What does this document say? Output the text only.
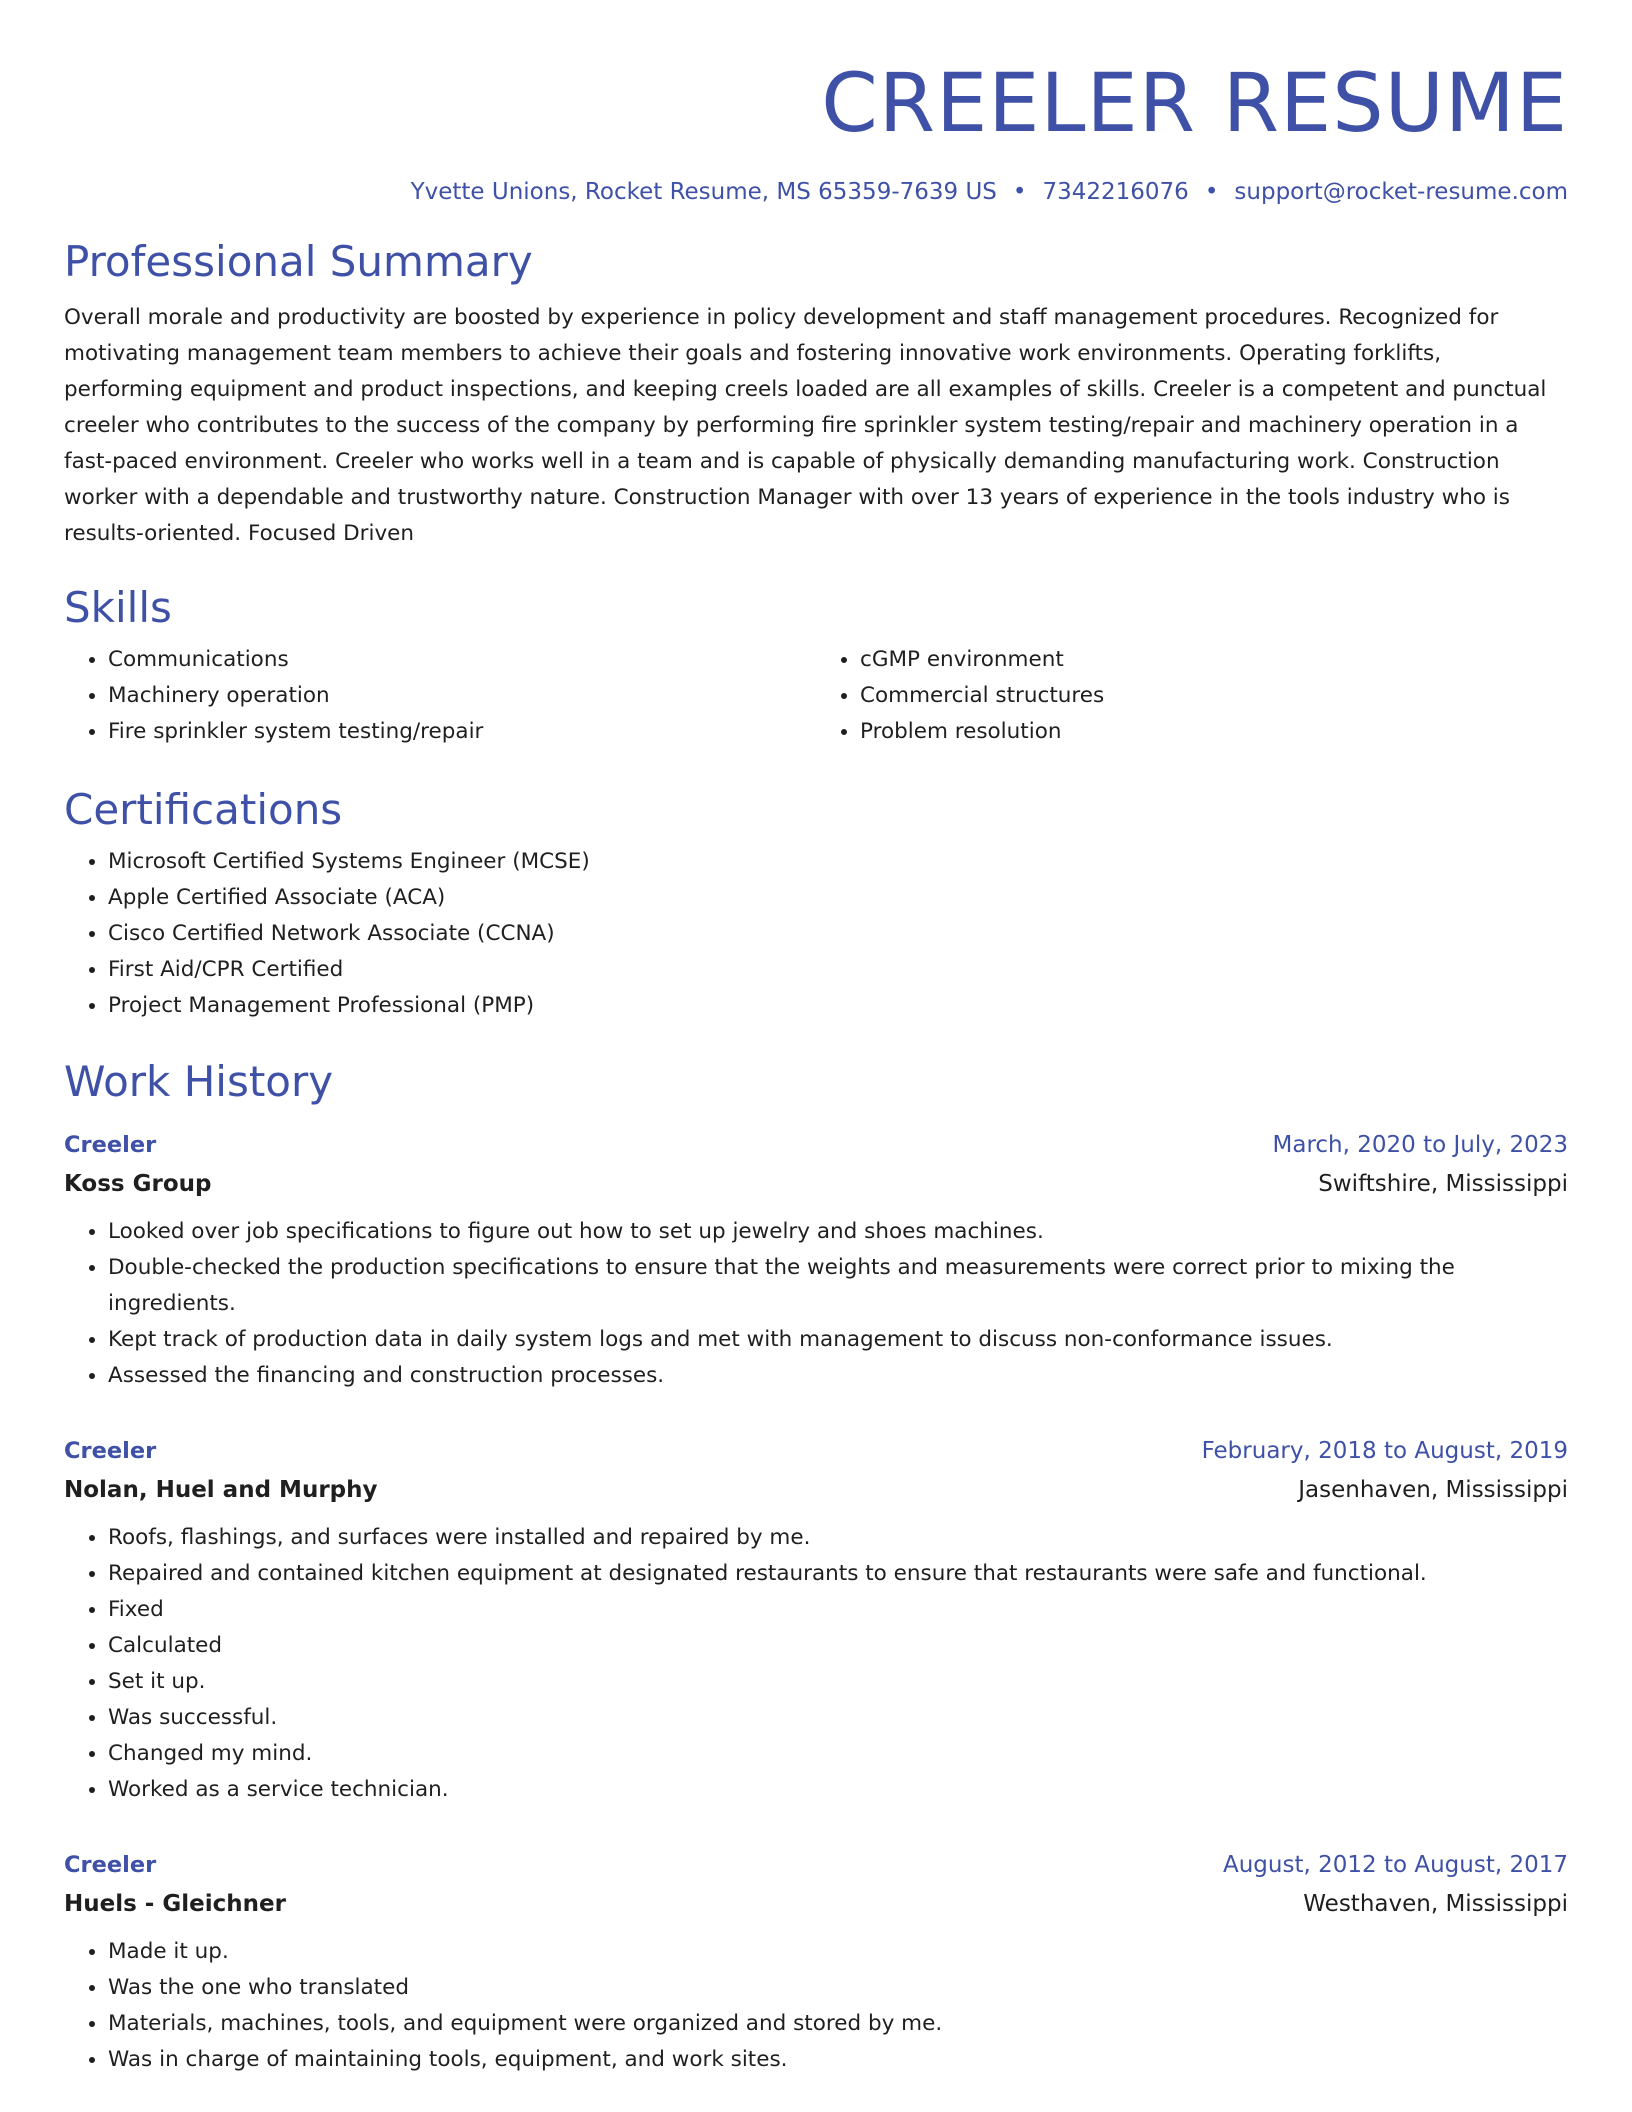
CREELER RESUME
Yvette Unions, Rocket Resume, MS 65359-7639 US • 7342216076 • support@rocket-resume.com
Professional Summary

Overall morale and productivity are boosted by experience in policy development and staff management procedures. Recognized for motivating management team members to achieve their goals and fostering innovative work environments. Operating forklifts, performing equipment and product inspections, and keeping creels loaded are all examples of skills. Creeler is a competent and punctual creeler who contributes to the success of the company by performing fire sprinkler system testing/repair and machinery operation in a fast-paced environment. Creeler who works well in a team and is capable of physically demanding manufacturing work. Construction worker with a dependable and trustworthy nature. Construction Manager with over 13 years of experience in the tools industry who is results-oriented. Focused Driven

Skills
• Communications
• Machinery operation
• Fire sprinkler system testing/repair
• cGMP environment
• Commercial structures
• Problem resolution
Certifications
• Microsoft Certified Systems Engineer (MCSE)
• Apple Certified Associate (ACA)
• Cisco Certified Network Associate (CCNA)
• First Aid/CPR Certified
• Project Management Professional (PMP)
Work History
Creeler	March, 2020 to July, 2023
Koss Group	Swiftshire, Mississippi
• Looked over job specifications to figure out how to set up jewelry and shoes machines.
• Double-checked the production specifications to ensure that the weights and measurements were correct prior to mixing the ingredients.
• Kept track of production data in daily system logs and met with management to discuss non-conformance issues.
• Assessed the financing and construction processes.
Creeler	February, 2018 to August, 2019
Nolan, Huel and Murphy	Jasenhaven, Mississippi
• Roofs, flashings, and surfaces were installed and repaired by me.
• Repaired and contained kitchen equipment at designated restaurants to ensure that restaurants were safe and functional.
• Fixed
• Calculated
• Set it up.
• Was successful.
• Changed my mind.
• Worked as a service technician.
Creeler	August, 2012 to August, 2017
Huels - Gleichner	Westhaven, Mississippi
• Made it up.
• Was the one who translated
• Materials, machines, tools, and equipment were organized and stored by me.
• Was in charge of maintaining tools, equipment, and work sites.
